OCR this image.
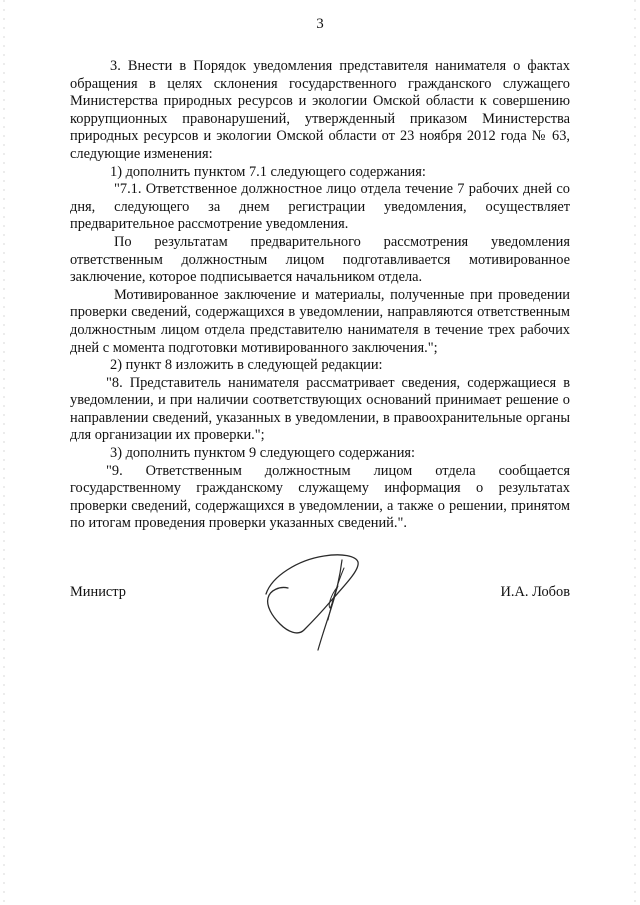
3

3. Внести в Порядок уведомления представителя нанимателя о фактах обращения в целях склонения государственного гражданского служащего Министерства природных ресурсов и экологии Омской области к совершению коррупционных правонарушений, утвержденный приказом Министерства природных ресурсов и экологии Омской области от 23 ноября 2012 года № 63, следующие изменения:

1) дополнить пунктом 7.1 следующего содержания:

"7.1. Ответственное должностное лицо отдела течение 7 рабочих дней со дня, следующего за днем регистрации уведомления, осуществляет предварительное рассмотрение уведомления.

По результатам предварительного рассмотрения уведомления ответственным должностным лицом подготавливается мотивированное заключение, которое подписывается начальником отдела.

Мотивированное заключение и материалы, полученные при проведении проверки сведений, содержащихся в уведомлении, направляются ответственным должностным лицом отдела представителю нанимателя в течение трех рабочих дней с момента подготовки мотивированного заключения.";

2) пункт 8 изложить в следующей редакции:

"8. Представитель нанимателя рассматривает сведения, содержащиеся в уведомлении, и при наличии соответствующих оснований принимает решение о направлении сведений, указанных в уведомлении, в правоохранительные органы для организации их проверки.";

3) дополнить пунктом 9 следующего содержания:

"9. Ответственным должностным лицом отдела сообщается государственному гражданскому служащему информация о результатах проверки сведений, содержащихся в уведомлении, а также о решении, принятом по итогам проведения проверки указанных сведений.".

Министр	И.А. Лобов
